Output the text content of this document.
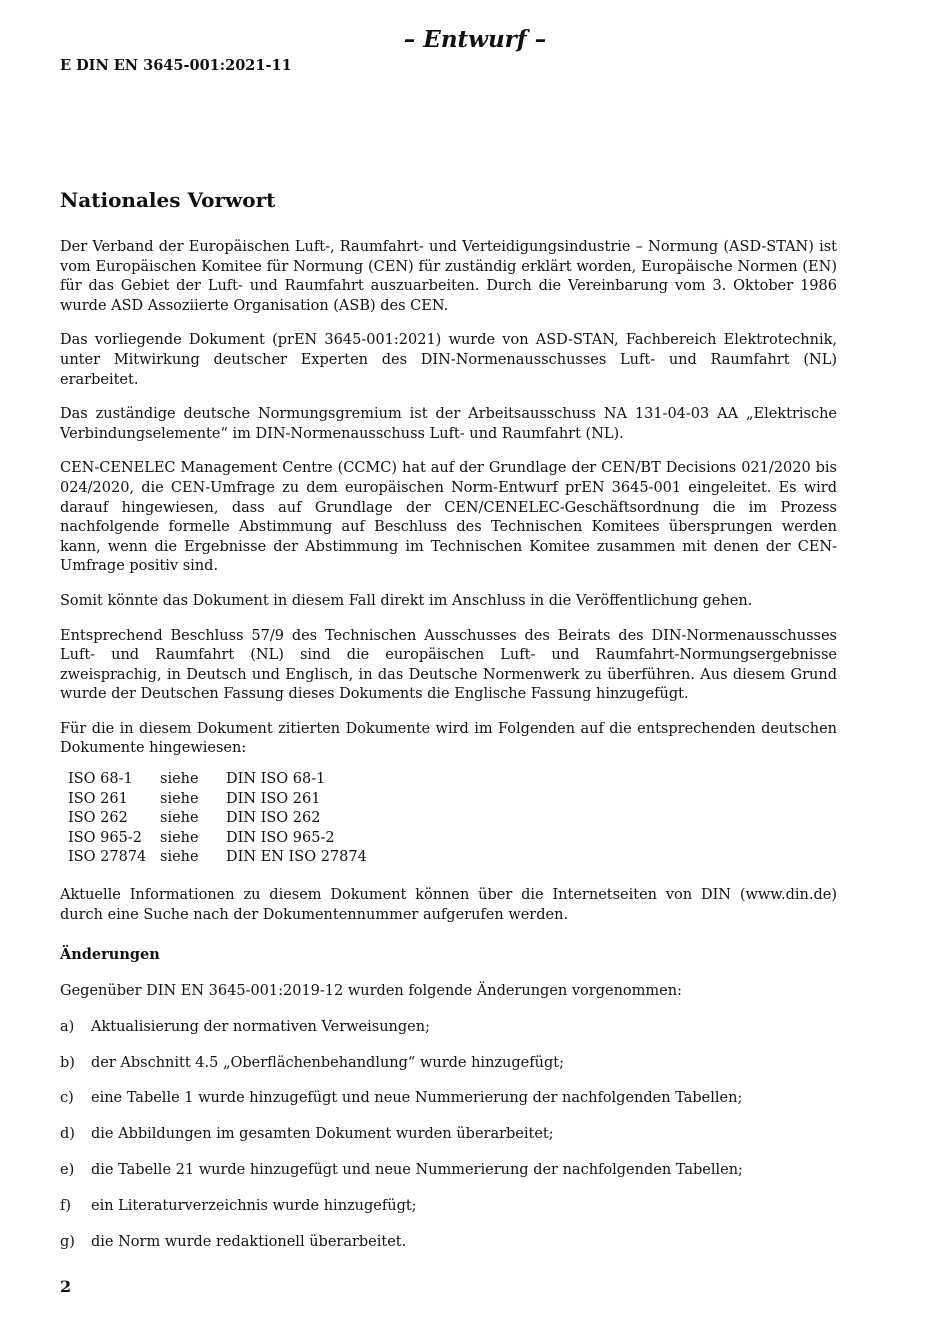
– Entwurf –
E DIN EN 3645-001:2021-11
Nationales Vorwort

Der Verband der Europäischen Luft-, Raumfahrt- und Verteidigungsindustrie – Normung (ASD-STAN) ist vom Europäischen Komitee für Normung (CEN) für zuständig erklärt worden, Europäische Normen (EN) für das Gebiet der Luft- und Raumfahrt auszuarbeiten. Durch die Vereinbarung vom 3. Oktober 1986 wurde ASD Assoziierte Organisation (ASB) des CEN.

Das vorliegende Dokument (prEN 3645-001:2021) wurde von ASD-STAN, Fachbereich Elektrotechnik, unter Mitwirkung deutscher Experten des DIN-Normenausschusses Luft- und Raumfahrt (NL) erarbeitet.

Das zuständige deutsche Normungsgremium ist der Arbeitsausschuss NA 131-04-03 AA „Elektrische Verbindungselemente“ im DIN-Normenausschuss Luft- und Raumfahrt (NL).

CEN-CENELEC Management Centre (CCMC) hat auf der Grundlage der CEN/BT Decisions 021/2020 bis 024/2020, die CEN-Umfrage zu dem europäischen Norm-Entwurf prEN 3645-001 eingeleitet. Es wird darauf hingewiesen, dass auf Grundlage der CEN/CENELEC-Geschäftsordnung die im Prozess nachfolgende formelle Abstimmung auf Beschluss des Technischen Komitees übersprungen werden kann, wenn die Ergebnisse der Abstimmung im Technischen Komitee zusammen mit denen der CEN-Umfrage positiv sind.

Somit könnte das Dokument in diesem Fall direkt im Anschluss in die Veröffentlichung gehen.

Entsprechend Beschluss 57/9 des Technischen Ausschusses des Beirats des DIN-Normenausschusses Luft- und Raumfahrt (NL) sind die europäischen Luft- und Raumfahrt-Normungsergebnisse zweisprachig, in Deutsch und Englisch, in das Deutsche Normenwerk zu überführen. Aus diesem Grund wurde der Deutschen Fassung dieses Dokuments die Englische Fassung hinzugefügt.

Für die in diesem Dokument zitierten Dokumente wird im Folgenden auf die entsprechenden deutschen Dokumente hingewiesen:

ISO 68-1	siehe	DIN ISO 68-1
ISO 261	siehe	DIN ISO 261
ISO 262	siehe	DIN ISO 262
ISO 965-2	siehe	DIN ISO 965-2
ISO 27874	siehe	DIN EN ISO 27874

Aktuelle Informationen zu diesem Dokument können über die Internetseiten von DIN (www.din.de) durch eine Suche nach der Dokumentennummer aufgerufen werden.

Änderungen

Gegenüber DIN EN 3645-001:2019-12 wurden folgende Änderungen vorgenommen:

a)	Aktualisierung der normativen Verweisungen;
b)	der Abschnitt 4.5 „Oberflächenbehandlung“ wurde hinzugefügt;
c)	eine Tabelle 1 wurde hinzugefügt und neue Nummerierung der nachfolgenden Tabellen;
d)	die Abbildungen im gesamten Dokument wurden überarbeitet;
e)	die Tabelle 21 wurde hinzugefügt und neue Nummerierung der nachfolgenden Tabellen;
f)	ein Literaturverzeichnis wurde hinzugefügt;
g)	die Norm wurde redaktionell überarbeitet.
2
